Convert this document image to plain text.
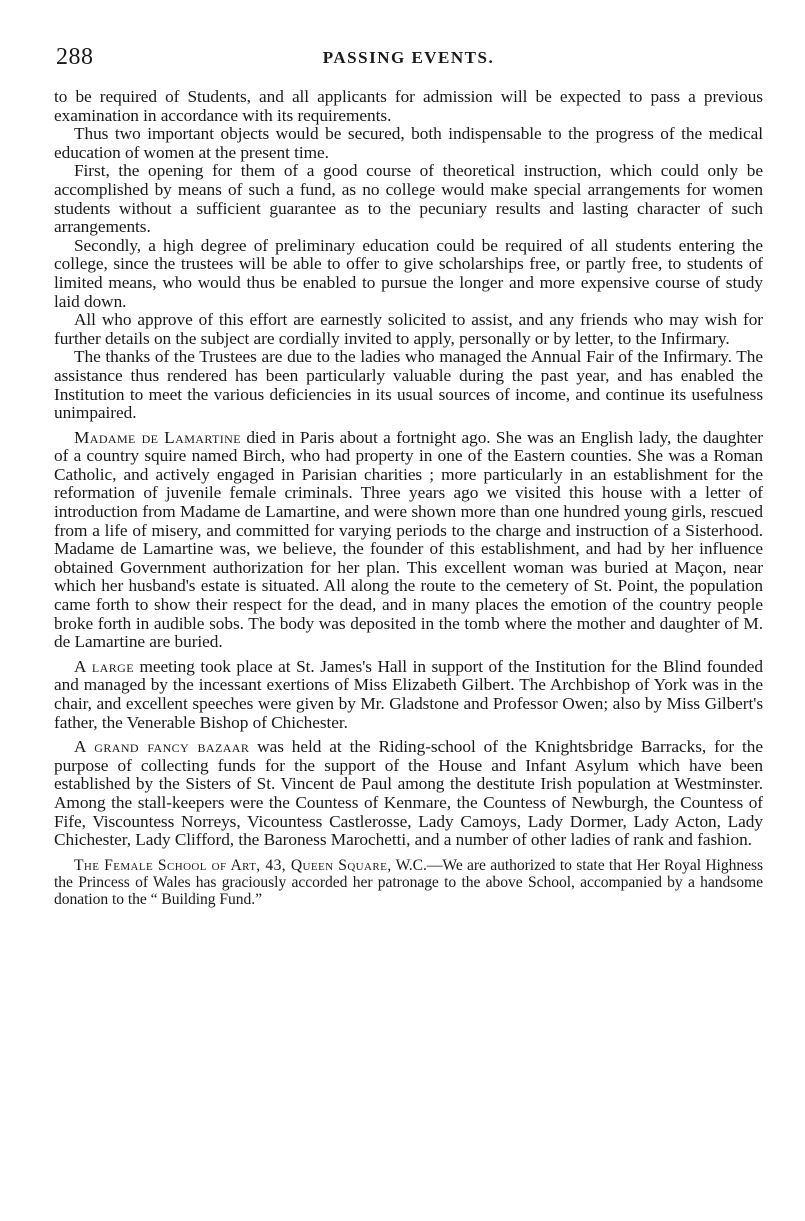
288	PASSING EVENTS.

to be required of Students, and all applicants for admission will be expected to pass a previous examination in accordance with its requirements.

Thus two important objects would be secured, both indispensable to the progress of the medical education of women at the present time.

First, the opening for them of a good course of theoretical instruction, which could only be accomplished by means of such a fund, as no college would make special arrangements for women students without a sufficient guarantee as to the pecuniary results and lasting character of such arrangements.

Secondly, a high degree of preliminary education could be required of all students entering the college, since the trustees will be able to offer to give scholarships free, or partly free, to students of limited means, who would thus be enabled to pursue the longer and more expensive course of study laid down.

All who approve of this effort are earnestly solicited to assist, and any friends who may wish for further details on the subject are cordially invited to apply, personally or by letter, to the Infirmary.

The thanks of the Trustees are due to the ladies who managed the Annual Fair of the Infirmary. The assistance thus rendered has been particularly valuable during the past year, and has enabled the Institution to meet the various deficiencies in its usual sources of income, and continue its usefulness unimpaired.

Madame de Lamartine died in Paris about a fortnight ago. She was an English lady, the daughter of a country squire named Birch, who had property in one of the Eastern counties. She was a Roman Catholic, and actively engaged in Parisian charities ; more particularly in an establishment for the reformation of juvenile female criminals. Three years ago we visited this house with a letter of introduction from Madame de Lamartine, and were shown more than one hundred young girls, rescued from a life of misery, and committed for varying periods to the charge and instruction of a Sisterhood. Madame de Lamartine was, we believe, the founder of this establishment, and had by her influence obtained Government authorization for her plan. This excellent woman was buried at Maçon, near which her husband's estate is situated. All along the route to the cemetery of St. Point, the population came forth to show their respect for the dead, and in many places the emotion of the country people broke forth in audible sobs. The body was deposited in the tomb where the mother and daughter of M. de Lamartine are buried.

A large meeting took place at St. James's Hall in support of the Institution for the Blind founded and managed by the incessant exertions of Miss Elizabeth Gilbert. The Archbishop of York was in the chair, and excellent speeches were given by Mr. Gladstone and Professor Owen; also by Miss Gilbert's father, the Venerable Bishop of Chichester.

A grand fancy bazaar was held at the Riding-school of the Knightsbridge Barracks, for the purpose of collecting funds for the support of the House and Infant Asylum which have been established by the Sisters of St. Vincent de Paul among the destitute Irish population at Westminster. Among the stall-keepers were the Countess of Kenmare, the Countess of Newburgh, the Countess of Fife, Viscountess Norreys, Vicountess Castlerosse, Lady Camoys, Lady Dormer, Lady Acton, Lady Chichester, Lady Clifford, the Baroness Marochetti, and a number of other ladies of rank and fashion.

The Female School of Art, 43, Queen Square, W.C.—We are authorized to state that Her Royal Highness the Princess of Wales has graciously accorded her patronage to the above School, accompanied by a handsome donation to the “ Building Fund.”
